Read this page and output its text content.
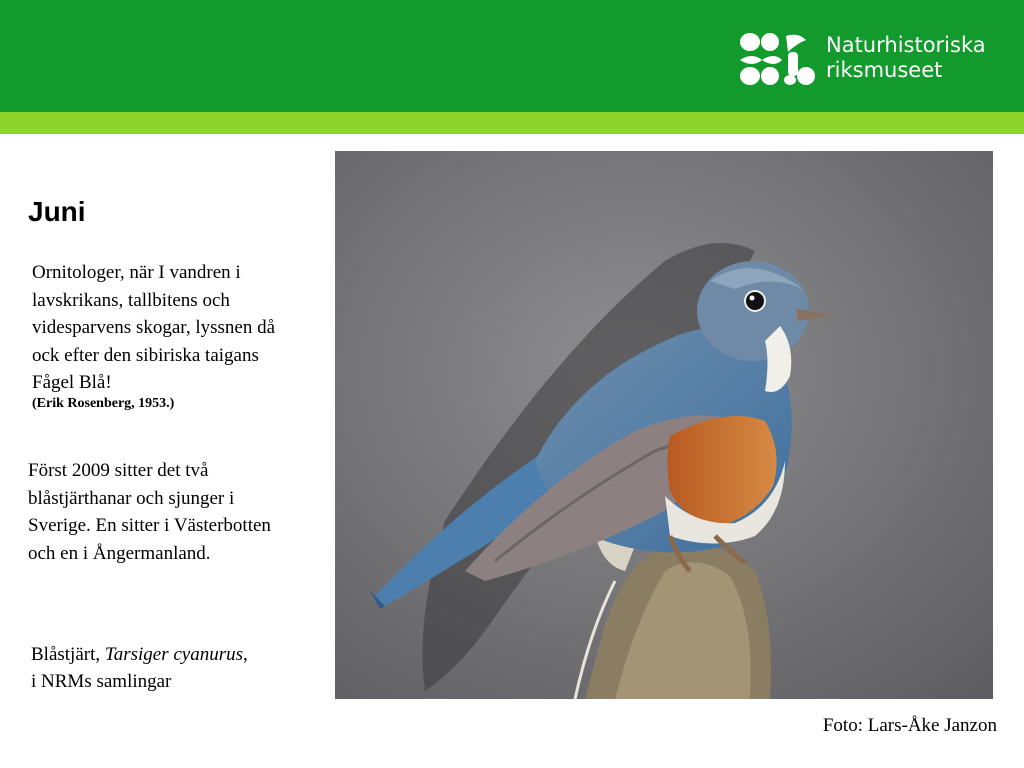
Naturhistoriska
riksmuseet
Juni
Ornitologer, när I vandren i lavskrikans, tallbitens och videsparvens skogar, lyssnen då ock efter den sibiriska taigans Fågel Blå!
(Erik Rosenberg, 1953.)
Först 2009 sitter det två blåstjärthanar och sjunger i Sverige. En sitter i Västerbotten och en i Ångermanland.
Blåstjärt, Tarsiger cyanurus,
i NRMs samlingar
Foto: Lars-Åke Janzon
